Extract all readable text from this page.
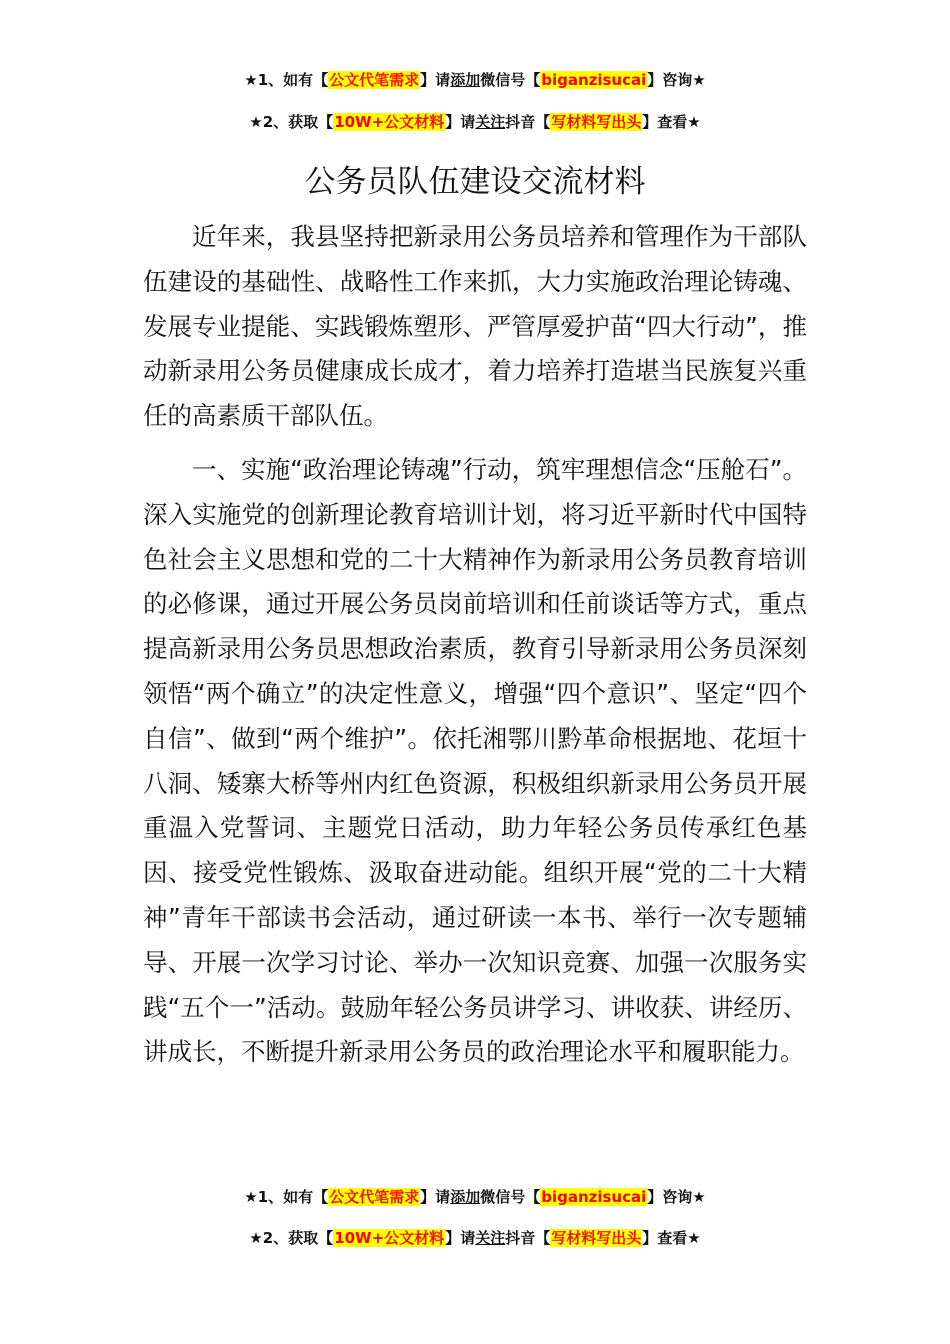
★1、如有【公文代笔需求】请添加微信号【biganzisucai】咨询★
★2、获取【10W+公文材料】请关注抖音【写材料写出头】查看★
公务员队伍建设交流材料

近年来，我县坚持把新录用公务员培养和管理作为干部队伍建设的基础性、战略性工作来抓，大力实施政治理论铸魂、发展专业提能、实践锻炼塑形、严管厚爱护苗“四大行动”，推动新录用公务员健康成长成才，着力培养打造堪当民族复兴重任的高素质干部队伍。

一、实施“政治理论铸魂”行动，筑牢理想信念“压舱石”。深入实施党的创新理论教育培训计划，将习近平新时代中国特色社会主义思想和党的二十大精神作为新录用公务员教育培训的必修课，通过开展公务员岗前培训和任前谈话等方式，重点提高新录用公务员思想政治素质，教育引导新录用公务员深刻领悟“两个确立”的决定性意义，增强“四个意识”、坚定“四个自信”、做到“两个维护”。依托湘鄂川黔革命根据地、花垣十八洞、矮寨大桥等州内红色资源，积极组织新录用公务员开展重温入党誓词、主题党日活动，助力年轻公务员传承红色基因、接受党性锻炼、汲取奋进动能。组织开展“党的二十大精神”青年干部读书会活动，通过研读一本书、举行一次专题辅导、开展一次学习讨论、举办一次知识竞赛、加强一次服务实践“五个一”活动。鼓励年轻公务员讲学习、讲收获、讲经历、讲成长，不断提升新录用公务员的政治理论水平和履职能力。

★1、如有【公文代笔需求】请添加微信号【biganzisucai】咨询★
★2、获取【10W+公文材料】请关注抖音【写材料写出头】查看★
